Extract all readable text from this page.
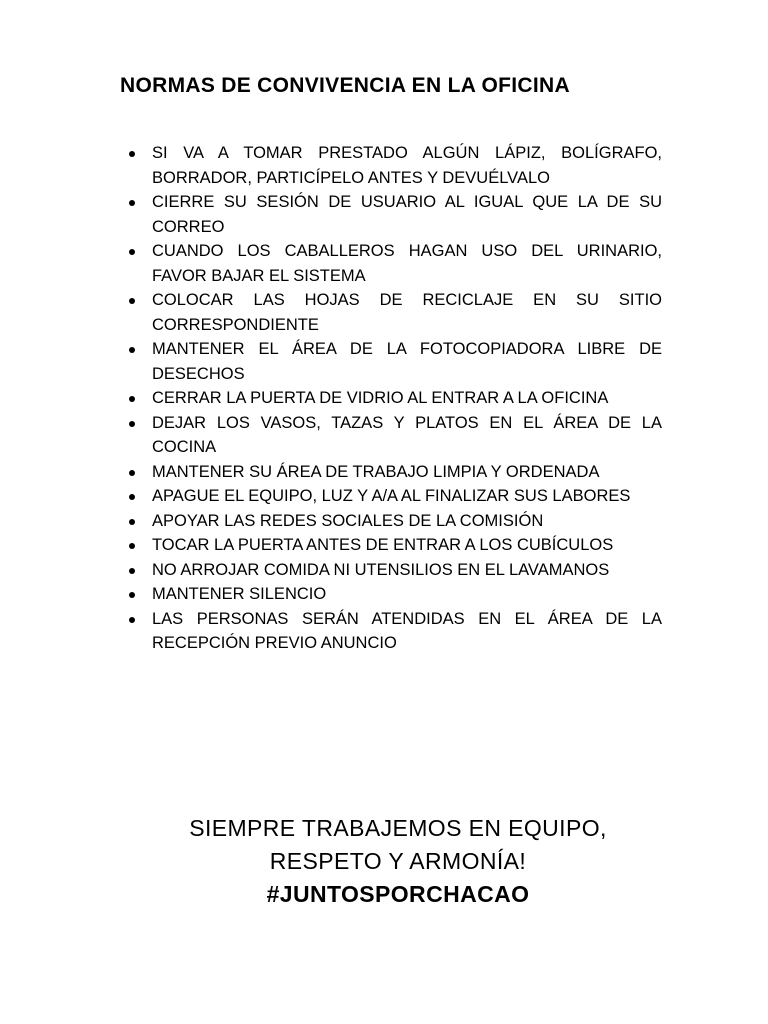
NORMAS DE CONVIVENCIA EN LA OFICINA
SI VA A TOMAR PRESTADO ALGÚN LÁPIZ, BOLÍGRAFO, BORRADOR, PARTICÍPELO ANTES Y DEVUÉLVALO
CIERRE SU SESIÓN DE USUARIO AL IGUAL QUE LA DE SU CORREO
CUANDO LOS CABALLEROS HAGAN USO DEL URINARIO, FAVOR BAJAR EL SISTEMA
COLOCAR LAS HOJAS DE RECICLAJE EN SU SITIO CORRESPONDIENTE
MANTENER EL ÁREA DE LA FOTOCOPIADORA LIBRE DE DESECHOS
CERRAR LA PUERTA DE VIDRIO AL ENTRAR A LA OFICINA
DEJAR LOS VASOS, TAZAS Y PLATOS EN EL ÁREA DE LA COCINA
MANTENER SU ÁREA DE TRABAJO LIMPIA Y ORDENADA
APAGUE EL EQUIPO, LUZ Y A/A AL FINALIZAR SUS LABORES
APOYAR LAS REDES SOCIALES DE LA COMISIÓN
TOCAR LA PUERTA ANTES DE ENTRAR A LOS CUBÍCULOS
NO ARROJAR COMIDA NI UTENSILIOS EN EL LAVAMANOS
MANTENER SILENCIO
LAS PERSONAS SERÁN ATENDIDAS EN EL ÁREA DE LA RECEPCIÓN PREVIO ANUNCIO
SIEMPRE TRABAJEMOS EN EQUIPO,
RESPETO Y ARMONÍA!
#JUNTOSPORCHACAO
